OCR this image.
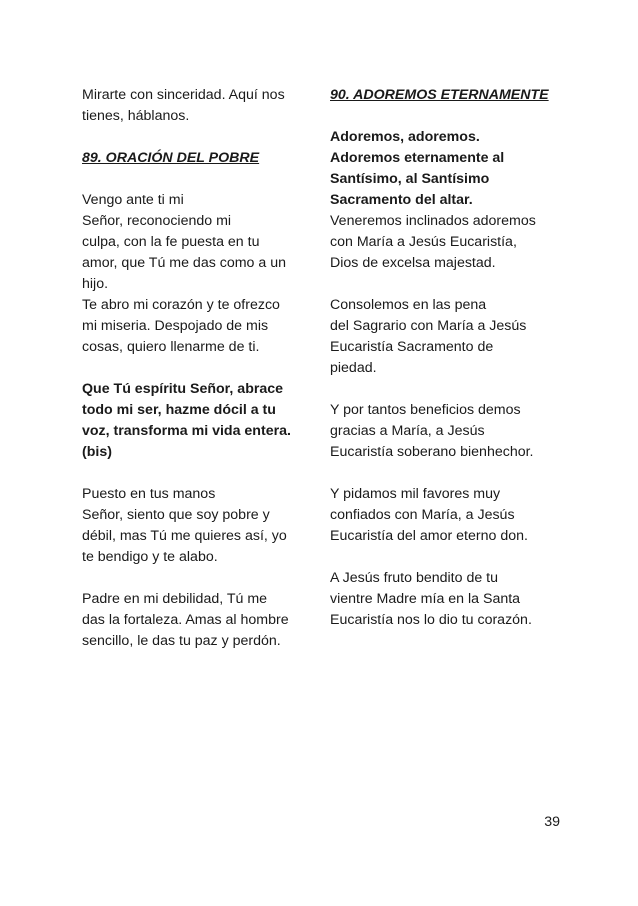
Mirarte con sinceridad. Aquí nos
tienes, háblanos.
89. ORACIÓN DEL POBRE
Vengo ante ti mi
Señor, reconociendo mi
culpa, con la fe puesta en tu
amor, que Tú me das como a un
hijo.
Te abro mi corazón y te ofrezco
mi miseria. Despojado de mis
cosas, quiero llenarme de ti.
Que Tú espíritu Señor, abrace
todo mi ser, hazme dócil a tu
voz, transforma mi vida entera.
(bis)
Puesto en tus manos
Señor, siento que soy pobre y
débil, mas Tú me quieres así, yo
te bendigo y te alabo.
Padre en mi debilidad, Tú me
das la fortaleza. Amas al hombre
sencillo, le das tu paz y perdón.
90. ADOREMOS ETERNAMENTE
Adoremos, adoremos.
Adoremos eternamente al
Santísimo, al Santísimo
Sacramento del altar.
Veneremos inclinados adoremos
con María a Jesús Eucaristía,
Dios de excelsa majestad.
Consolemos en las pena
del Sagrario con María a Jesús
Eucaristía Sacramento de
piedad.
Y por tantos beneficios demos
gracias a María, a Jesús
Eucaristía soberano bienhechor.
Y pidamos mil favores muy
confiados con María, a Jesús
Eucaristía del amor eterno don.
A Jesús fruto bendito de tu
vientre Madre mía en la Santa
Eucaristía nos lo dio tu corazón.
39
